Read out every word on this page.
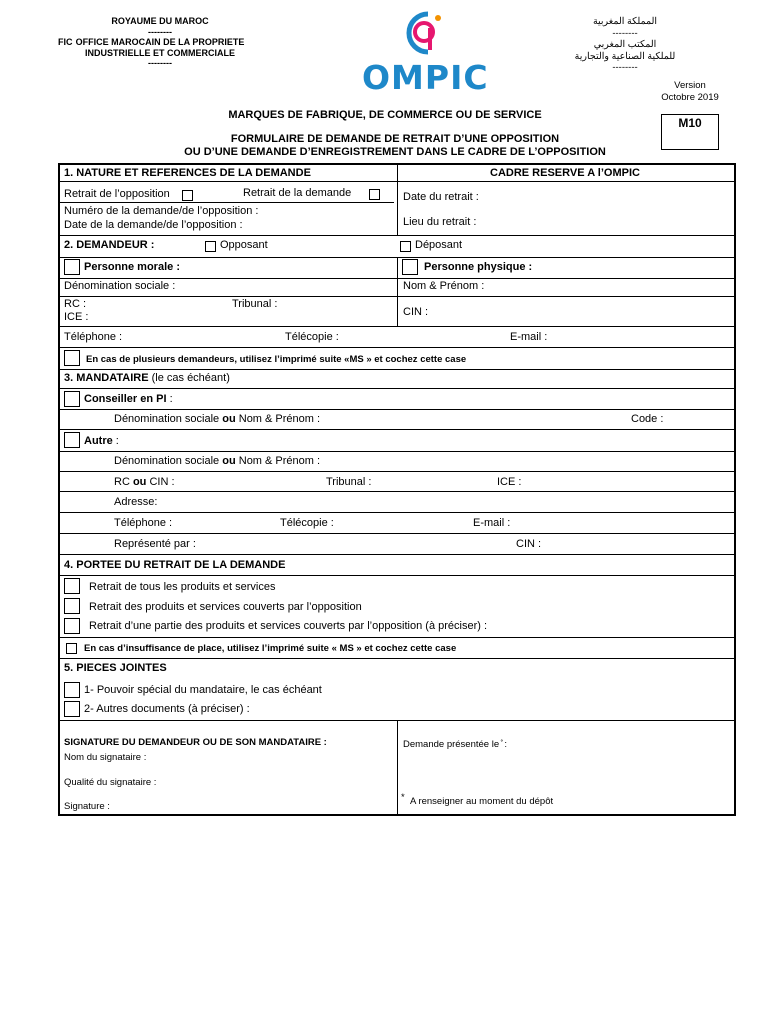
ROYAUME DU MAROC
--------
FIC OFFICE MAROCAIN DE LA PROPRIETE
INDUSTRIELLE ET COMMERCIALE
--------	OMPIC
المملكة المغربية
--------
المكتب المغربي
للملكية الصناعية والتجارية
--------
Version
Octobre 2019
MARQUES DE FABRIQUE, DE COMMERCE OU DE SERVICE
FORMULAIRE DE DEMANDE DE RETRAIT D’UNE OPPOSITION
OU D’UNE DEMANDE D’ENREGISTREMENT DANS LE CADRE DE L’OPPOSITION
M10
1. NATURE ET REFERENCES DE LA DEMANDE	CADRE RESERVE A l’OMPIC
Retrait de l’opposition	Retrait de la demande	Date du retrait :
Numéro de la demande/de l’opposition :
Date de la demande/de l’opposition :	Lieu du retrait :
2. DEMANDEUR :	Opposant	Déposant
Personne morale :	Personne physique :
Dénomination sociale :	Nom & Prénom :
RC :	Tribunal :
ICE :	CIN :
Téléphone :	Télécopie :	E-mail :
En cas de plusieurs demandeurs, utilisez l’imprimé suite «MS » et cochez cette case
3. MANDATAIRE (le cas échéant)
Conseiller en PI :
Dénomination sociale ou Nom & Prénom :	Code :
Autre :
Dénomination sociale ou Nom & Prénom :
RC ou CIN :	Tribunal :	ICE :
Adresse:
Téléphone :	Télécopie :	E-mail :
Représenté par :	CIN :
4. PORTEE DU RETRAIT DE LA DEMANDE
Retrait de tous les produits et services
Retrait des produits et services couverts par l’opposition
Retrait d’une partie des produits et services couverts par l’opposition (à préciser) :
En cas d’insuffisance de place, utilisez l’imprimé suite « MS » et cochez cette case
5. PIECES JOINTES
1- Pouvoir spécial du mandataire, le cas échéant
2- Autres documents (à préciser) :
SIGNATURE DU DEMANDEUR OU DE SON MANDATAIRE :
Nom du signataire :
Qualité du signataire :
Signature :
Demande présentée le ̊ :
* A renseigner au moment du dépôt
